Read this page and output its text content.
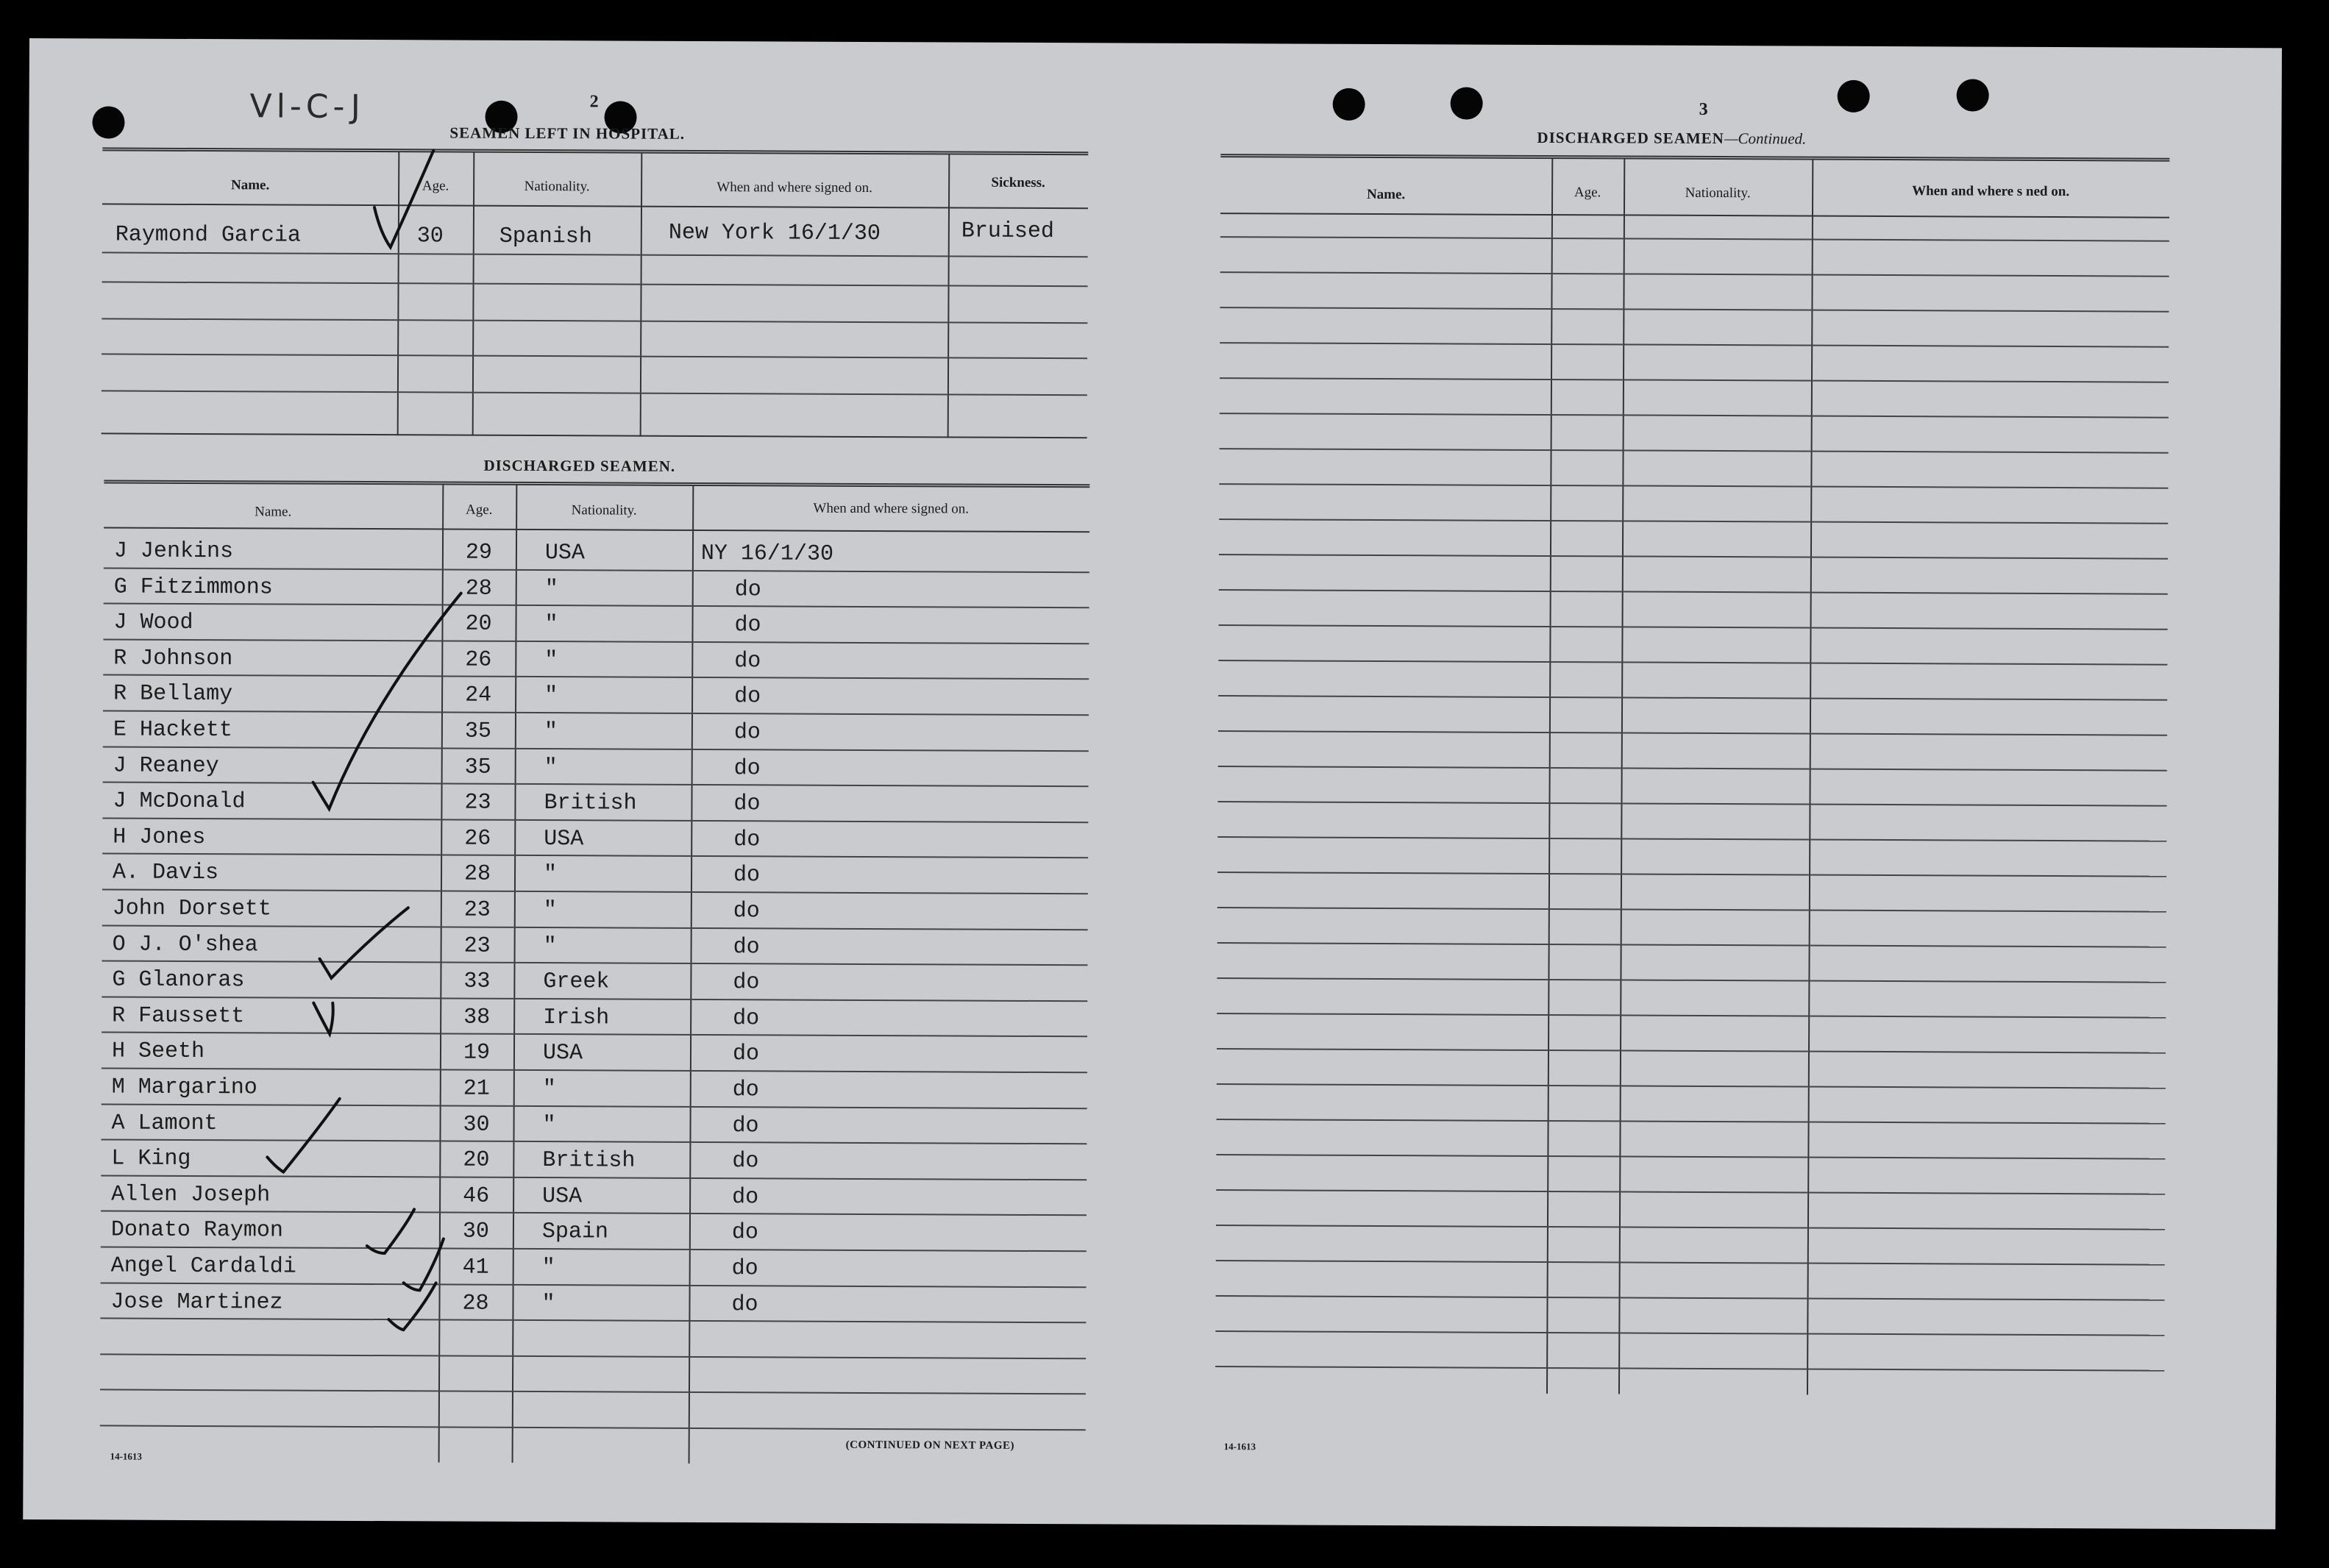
2
Vl-C-J
SEAMEN LEFT IN HOSPITAL.
Name.	Age.	Nationality.	When and where signed on.	Sickness.
Raymond Garcia	30	Spanish	New York 16/1/30	Bruised
DISCHARGED SEAMEN.
Name.	Age.	Nationality.	When and where signed on.
J Jenkins	29 USA	NY 16/1/30
G Fitzimmons	28 "	do
J Wood	20 "	do
R Johnson	26 "	do
R Bellamy	24 "	do
E Hackett	35 "	do
J Reaney	35 "	do
J McDonald	23 British	do
H Jones	26 USA	do
A. Davis	28 "	do
John Dorsett	23 "	do
O J. O'shea	23 "	do
G Glanoras	33 Greek	do
R Faussett	38 Irish	do
H Seeth	19 USA	do
M Margarino	21 "	do
A Lamont	30 "	do
L King	20 British	do
Allen Joseph	46 USA	do
Donato Raymon	30 Spain	do
Angel Cardaldi	41 "	do
Jose Martinez	28 "	do
14-1613
(CONTINUED ON NEXT PAGE)
3
DISCHARGED SEAMEN—Continued.
Name.	Age.	Nationality.	When and where s ned on.
14-1613
